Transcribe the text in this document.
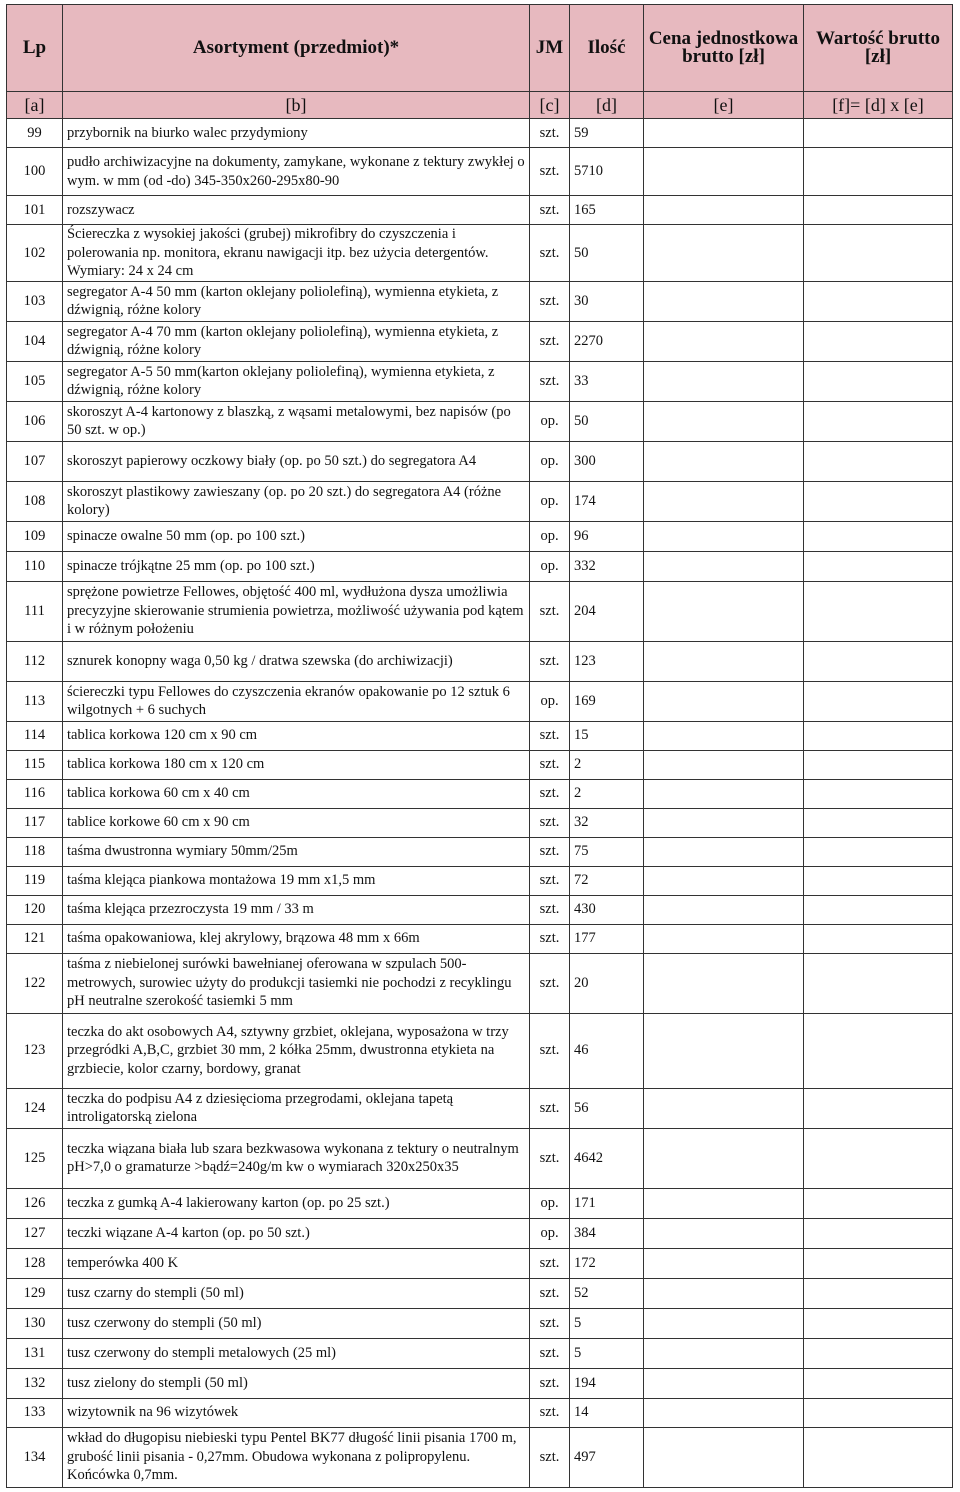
Lp	Asortyment (przedmiot)*	JM	Ilość	Cena jednostkowa brutto [zł]	Wartość brutto [zł]
[a]	[b]	[c]	[d]	[e]	[f]= [d] x [e]
99	przybornik na biurko walec przydymiony	szt.	59		
100	pudło archiwizacyjne na dokumenty, zamykane, wykonane z tektury zwykłej o wym. w mm (od -do) 345-350x260-295x80-90	szt.	5710		
101	rozszywacz	szt.	165		
102	Ściereczka z wysokiej jakości (grubej) mikrofibry do czyszczenia i polerowania np. monitora, ekranu nawigacji itp. bez użycia detergentów. Wymiary: 24 x 24 cm	szt.	50		
103	segregator A-4 50 mm (karton oklejany poliolefiną), wymienna etykieta, z dźwignią, różne kolory	szt.	30		
104	segregator A-4 70 mm (karton oklejany poliolefiną), wymienna etykieta, z dźwignią, różne kolory	szt.	2270		
105	segregator A-5 50 mm(karton oklejany poliolefiną), wymienna etykieta, z dźwignią, różne kolory	szt.	33		
106	skoroszyt A-4 kartonowy z blaszką, z wąsami metalowymi, bez napisów (po 50 szt. w op.)	op.	50		
107	skoroszyt papierowy oczkowy biały (op. po 50 szt.) do segregatora A4	op.	300		
108	skoroszyt plastikowy zawieszany (op. po 20 szt.) do segregatora A4 (różne kolory)	op.	174		
109	spinacze owalne 50 mm (op. po 100 szt.)	op.	96		
110	spinacze trójkątne 25 mm (op. po 100 szt.)	op.	332		
111	sprężone powietrze Fellowes, objętość 400 ml, wydłużona dysza umożliwia precyzyjne skierowanie strumienia powietrza, możliwość używania pod kątem i w różnym położeniu	szt.	204		
112	sznurek konopny waga 0,50 kg / dratwa szewska (do archiwizacji)	szt.	123		
113	ściereczki typu Fellowes do czyszczenia ekranów opakowanie po 12 sztuk 6 wilgotnych + 6 suchych	op.	169		
114	tablica korkowa 120 cm x 90 cm	szt.	15		
115	tablica korkowa 180 cm x 120 cm	szt.	2		
116	tablica korkowa 60 cm x 40 cm	szt.	2		
117	tablice korkowe 60 cm x 90 cm	szt.	32		
118	taśma dwustronna wymiary 50mm/25m	szt.	75		
119	taśma klejąca piankowa montażowa 19 mm x1,5 mm	szt.	72		
120	taśma klejąca przezroczysta 19 mm / 33 m	szt.	430		
121	taśma opakowaniowa, klej akrylowy, brązowa 48 mm x 66m	szt.	177		
122	taśma z niebielonej surówki bawełnianej oferowana w szpulach 500-metrowych, surowiec użyty do produkcji tasiemki nie pochodzi z recyklingu pH neutralne szerokość tasiemki 5 mm	szt.	20		
123	teczka do akt osobowych A4, sztywny grzbiet, oklejana, wyposażona w trzy przegródki A,B,C, grzbiet 30 mm, 2 kółka 25mm, dwustronna etykieta na grzbiecie, kolor czarny, bordowy, granat	szt.	46		
124	teczka do podpisu A4 z dziesięcioma przegrodami, oklejana tapetą introligatorską zielona	szt.	56		
125	teczka wiązana biała lub szara bezkwasowa wykonana z tektury o neutralnym pH>7,0 o gramaturze >bądź=240g/m kw o wymiarach 320x250x35	szt.	4642		
126	teczka z gumką A-4 lakierowany karton (op. po 25 szt.)	op.	171		
127	teczki wiązane A-4 karton (op. po 50 szt.)	op.	384		
128	temperówka 400 K	szt.	172		
129	tusz czarny do stempli (50 ml)	szt.	52		
130	tusz czerwony do stempli (50 ml)	szt.	5		
131	tusz czerwony do stempli metalowych (25 ml)	szt.	5		
132	tusz zielony do stempli (50 ml)	szt.	194		
133	wizytownik na 96 wizytówek	szt.	14		
134	wkład do długopisu niebieski typu Pentel BK77 długość linii pisania 1700 m, grubość linii pisania - 0,27mm. Obudowa wykonana z polipropylenu. Końcówka 0,7mm.	szt.	497		
